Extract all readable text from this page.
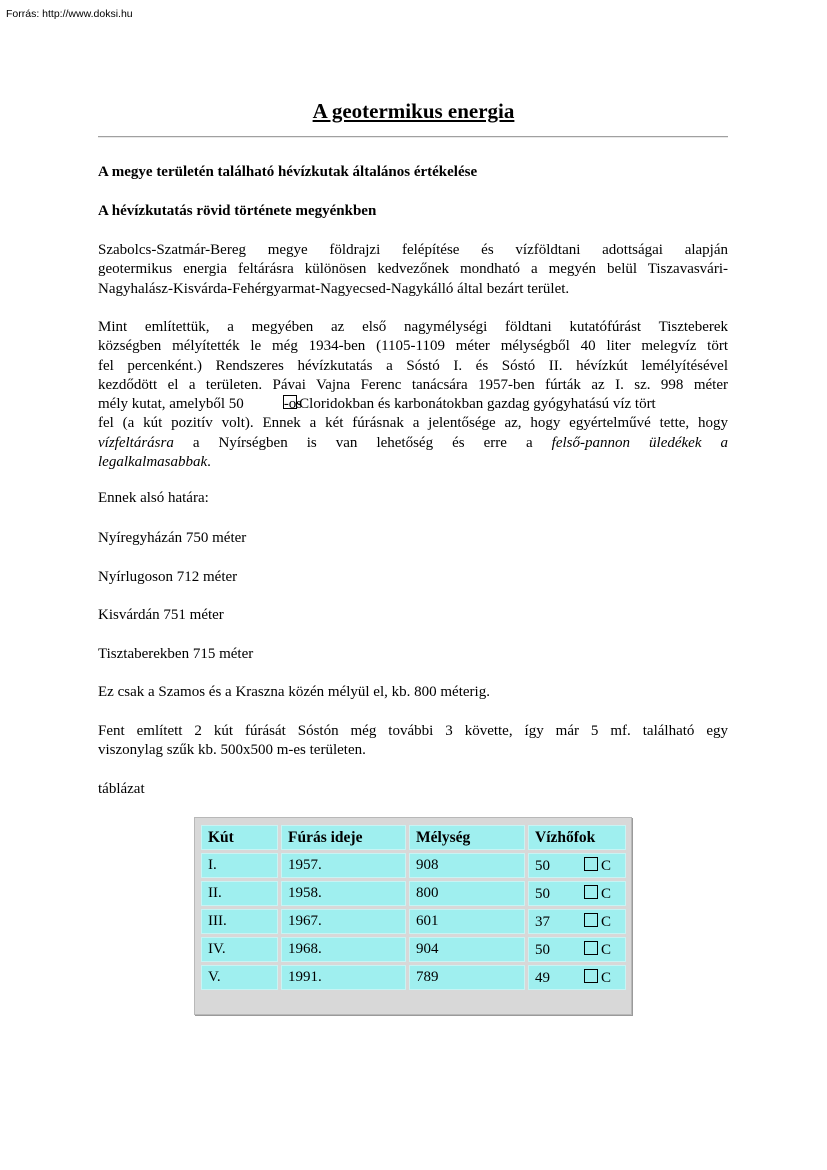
Forrás: http://www.doksi.hu
A geotermikus energia
A megye területén található hévízkutak általános értékelése
A hévízkutatás rövid története megyénkben
Szabolcs-Szatmár-Bereg megye földrajzi felépítése és vízföldtani adottságai alapján
geotermikus energia feltárásra különösen kedvezőnek mondható a megyén belül Tiszavasvári-
Nagyhalász-Kisvárda-Fehérgyarmat-Nagyecsed-Nagykálló által bezárt terület.
Mint említettük, a megyében az első nagymélységi földtani kutatófúrást Tiszteberek
községben mélyítették le még 1934-ben (1105-1109 méter mélységből 40 liter melegvíz tört
fel percenként.) Rendszeres hévízkutatás a Sóstó I. és Sóstó II. hévízkút lemélyítésével
kezdődött el a területen. Pávai Vajna Ferenc tanácsára 1957-ben fúrták az I. sz. 998 méter
mély kutat, amelyből 50	-osCloridokban és karbonátokban gazdag gyógyhatású víz tört
fel (a kút pozitív volt). Ennek a két fúrásnak a jelentősége az, hogy egyértelművé tette, hogy
vízfeltárásra a Nyírségben is van lehetőség és erre a felső-pannon üledékek a
legalkalmasabbak.
Ennek alsó határa:
Nyíregyházán 750 méter
Nyírlugoson 712 méter
Kisvárdán 751 méter
Tisztaberekben 715 méter
Ez csak a Szamos és a Kraszna közén mélyül el, kb. 800 méterig.
Fent említett 2 kút fúrását Sóstón még további 3 követte, így már 5 mf. található egy
viszonylag szűk kb. 500x500 m-es területen.
táblázat
Kút	Fúrás ideje	Mélység	Vízhőfok
I.	1957.	908	50 C
II.	1958.	800	50 C
III.	1967.	601	37 C
IV.	1968.	904	50 C
V.	1991.	789	49 C
